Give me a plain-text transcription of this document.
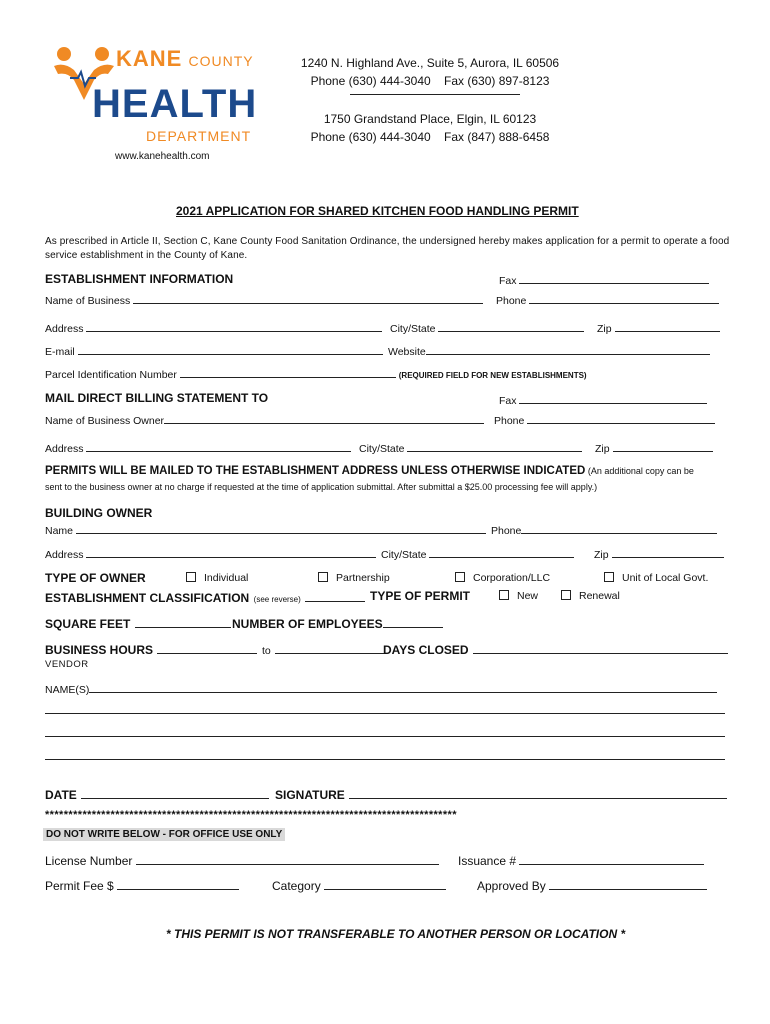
KANE COUNTY
HEALTH
DEPARTMENT
www.kanehealth.com
1240 N. Highland Ave., Suite 5, Aurora, IL 60506
Phone (630) 444-3040 Fax (630) 897-8123
1750 Grandstand Place, Elgin, IL 60123
Phone (630) 444-3040 Fax (847) 888-6458
2021 APPLICATION FOR SHARED KITCHEN FOOD HANDLING PERMIT
As prescribed in Article II, Section C, Kane County Food Sanitation Ordinance, the undersigned hereby makes application for a permit to operate a food service establishment in the County of Kane.
ESTABLISHMENT INFORMATION	Fax
Name of Business	Phone
Address	City/State	Zip
E-mail	Website
Parcel Identification Number	(REQUIRED FIELD FOR NEW ESTABLISHMENTS)
MAIL DIRECT BILLING STATEMENT TO	Fax
Name of Business Owner	Phone
Address	City/State	Zip
PERMITS WILL BE MAILED TO THE ESTABLISHMENT ADDRESS UNLESS OTHERWISE INDICATED (An additional copy can be
sent to the business owner at no charge if requested at the time of application submittal. After submittal a $25.00 processing fee will apply.)
BUILDING OWNER
Name	Phone
Address	City/State	Zip
TYPE OF OWNER	Individual	Partnership	Corporation/LLC	Unit of Local Govt.
ESTABLISHMENT CLASSIFICATION (see reverse)	TYPE OF PERMIT	New	Renewal
SQUARE FEET	NUMBER OF EMPLOYEES
BUSINESS HOURS	to	DAYS CLOSED
VENDOR
NAME(S)
DATE	SIGNATURE
****************************************************************************************
DO NOT WRITE BELOW - FOR OFFICE USE ONLY
License Number	Issuance #
Permit Fee $	Category	Approved By
* THIS PERMIT IS NOT TRANSFERABLE TO ANOTHER PERSON OR LOCATION *
